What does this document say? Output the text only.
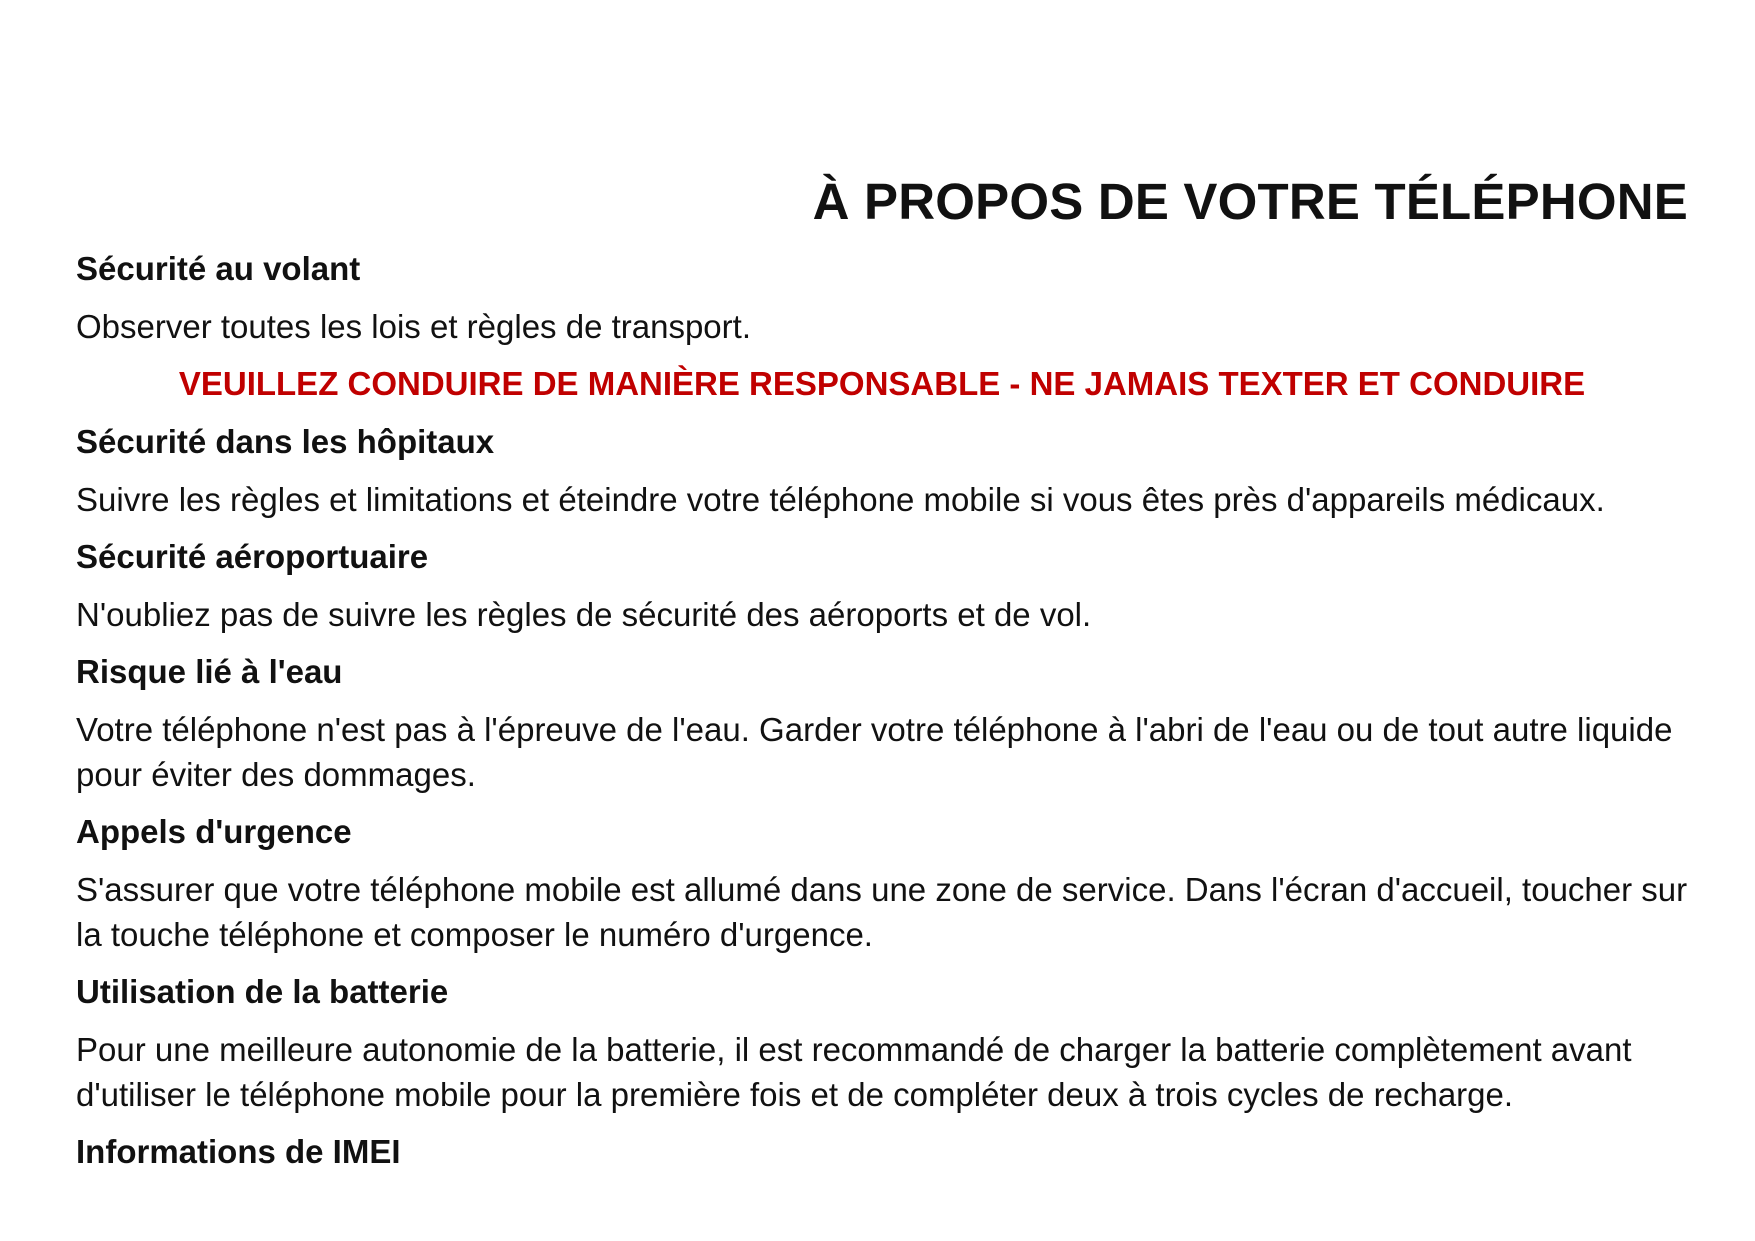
À PROPOS DE VOTRE TÉLÉPHONE
Sécurité au volant

Observer toutes les lois et règles de transport.

VEUILLEZ CONDUIRE DE MANIÈRE RESPONSABLE - NE JAMAIS TEXTER ET CONDUIRE

Sécurité dans les hôpitaux

Suivre les règles et limitations et éteindre votre téléphone mobile si vous êtes près d'appareils médicaux.

Sécurité aéroportuaire

N'oubliez pas de suivre les règles de sécurité des aéroports et de vol.

Risque lié à l'eau

Votre téléphone n'est pas à l'épreuve de l'eau. Garder votre téléphone à l'abri de l'eau ou de tout autre liquide pour éviter des dommages.

Appels d'urgence

S'assurer que votre téléphone mobile est allumé dans une zone de service. Dans l'écran d'accueil, toucher sur la touche téléphone et composer le numéro d'urgence.

Utilisation de la batterie

Pour une meilleure autonomie de la batterie, il est recommandé de charger la batterie complètement avant d'utiliser le téléphone mobile pour la première fois et de compléter deux à trois cycles de recharge.

Informations de IMEI
